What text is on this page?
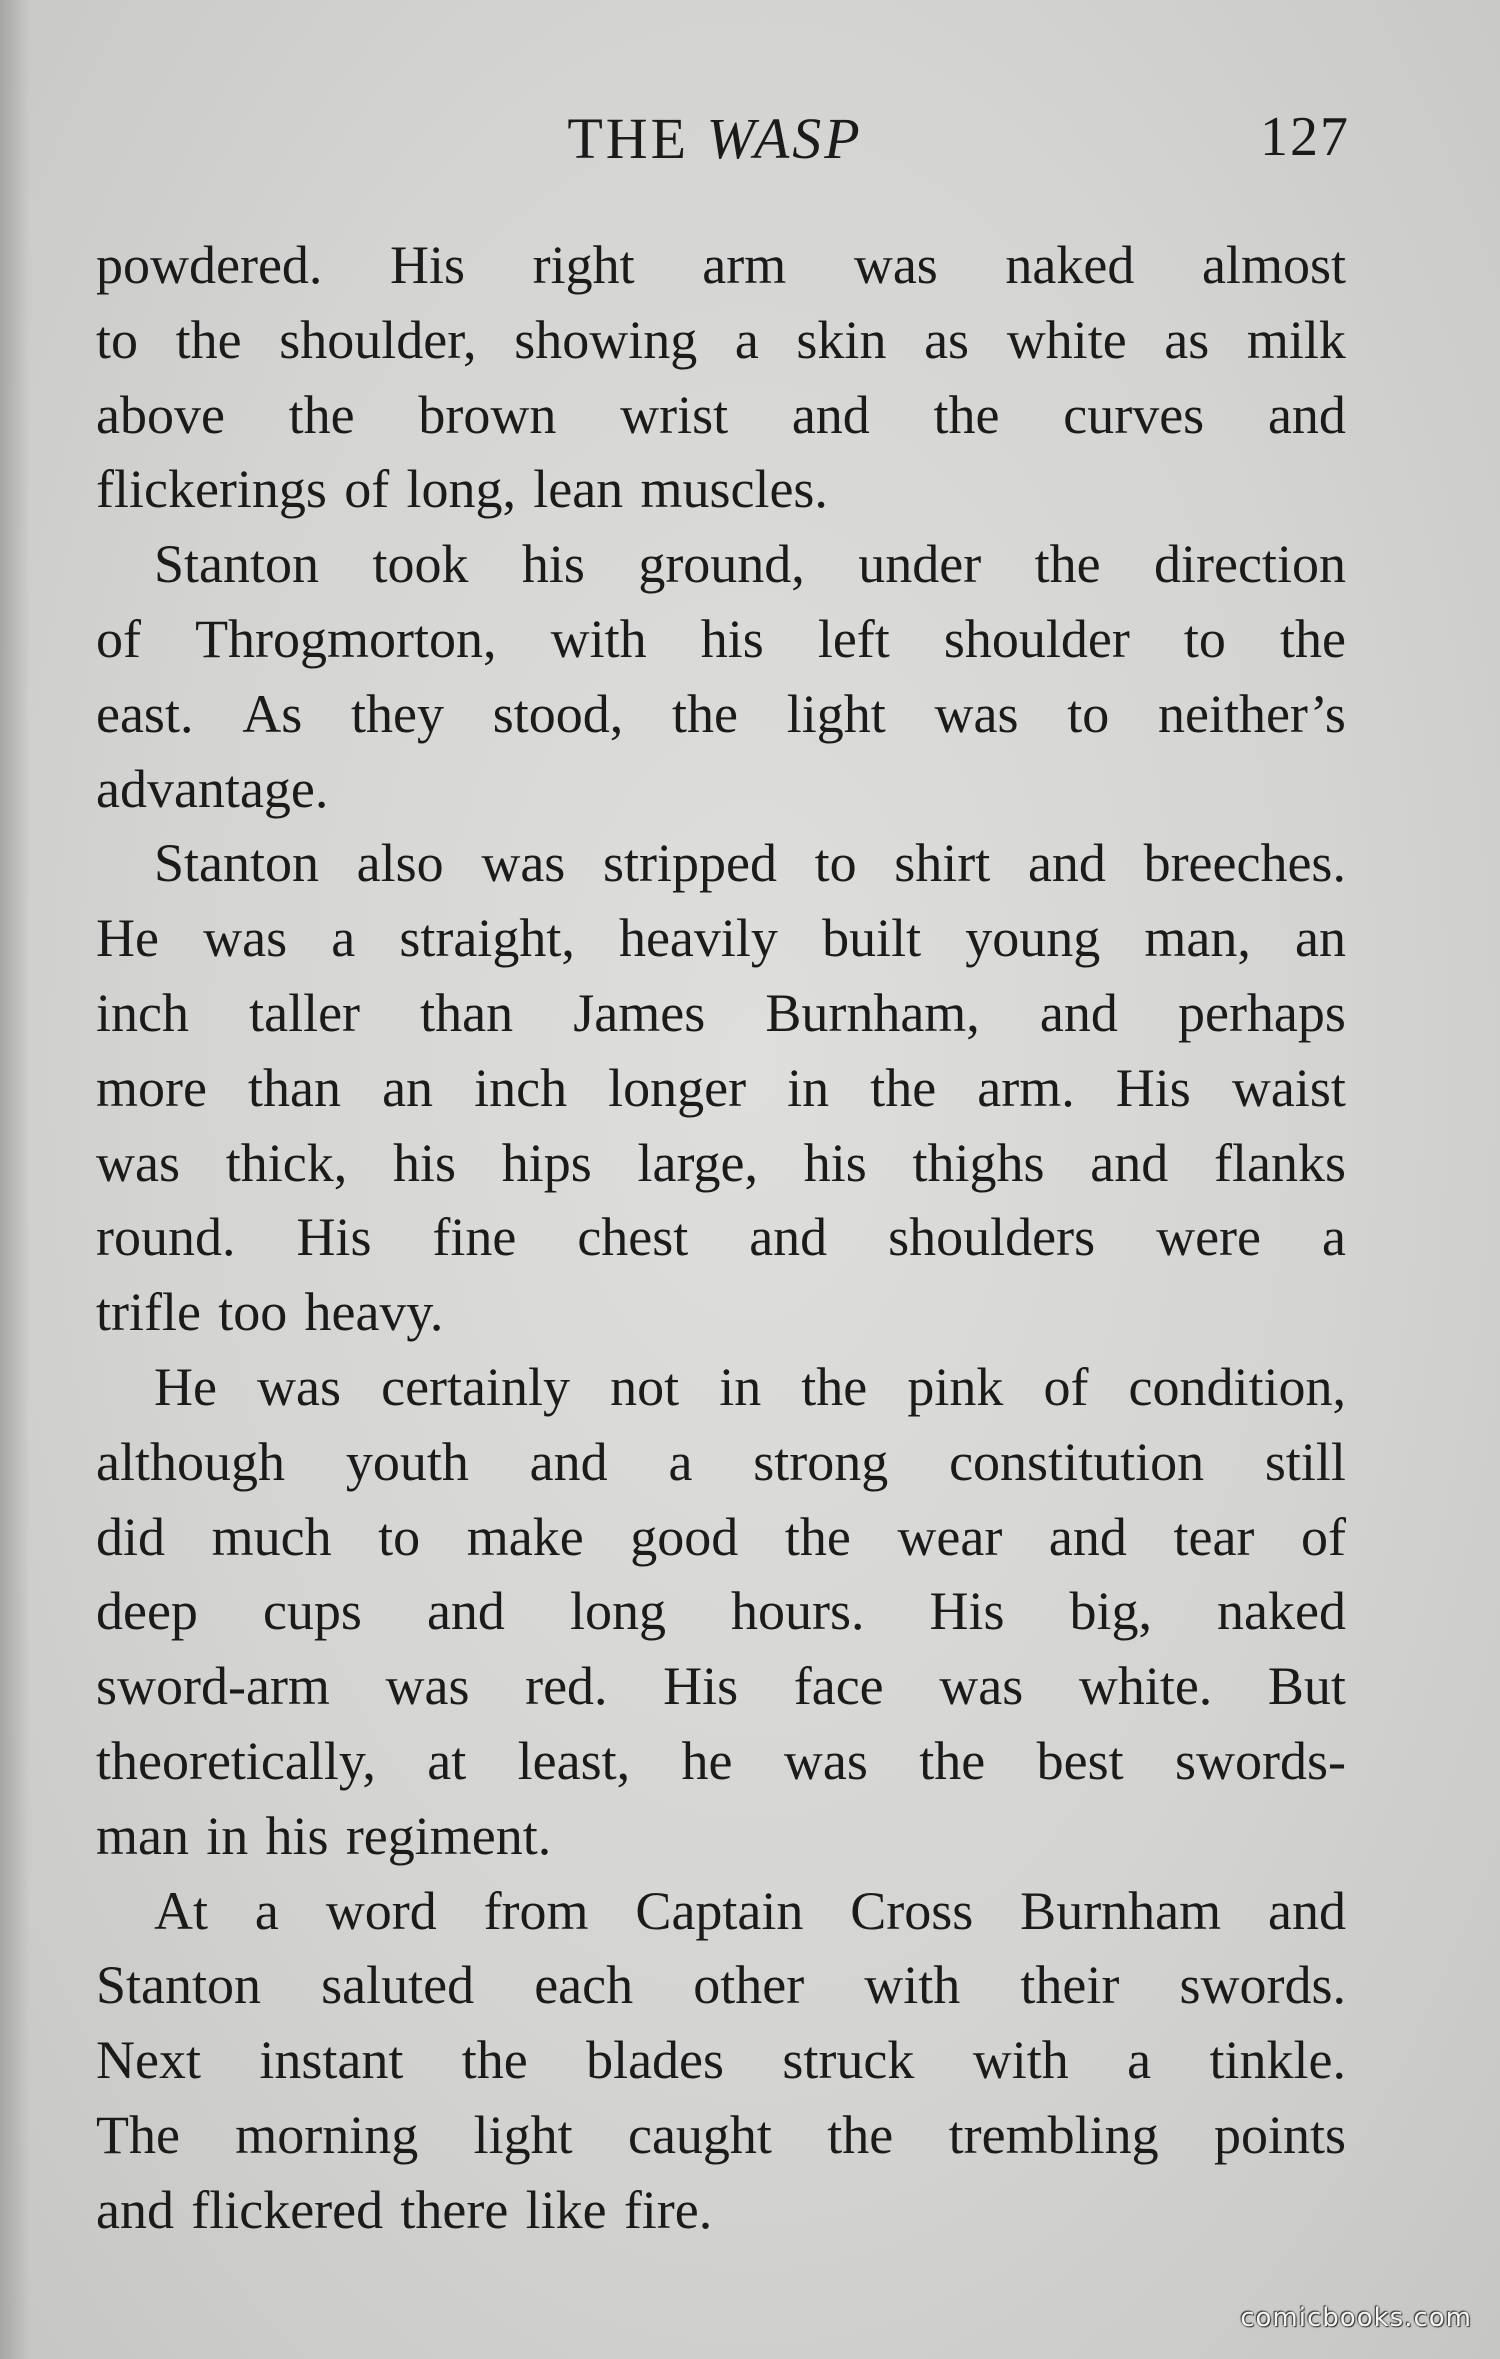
THE WASP	127
powdered. His right arm was naked almost
to the shoulder, showing a skin as white as milk
above the brown wrist and the curves and
flickerings of long, lean muscles.
Stanton took his ground, under the direction
of Throgmorton, with his left shoulder to the
east. As they stood, the light was to neither’s
advantage.
Stanton also was stripped to shirt and breeches.
He was a straight, heavily built young man, an
inch taller than James Burnham, and perhaps
more than an inch longer in the arm. His waist
was thick, his hips large, his thighs and flanks
round. His fine chest and shoulders were a
trifle too heavy.
He was certainly not in the pink of condition,
although youth and a strong constitution still
did much to make good the wear and tear of
deep cups and long hours. His big, naked
sword-arm was red. His face was white. But
theoretically, at least, he was the best swords-
man in his regiment.
At a word from Captain Cross Burnham and
Stanton saluted each other with their swords.
Next instant the blades struck with a tinkle.
The morning light caught the trembling points
and flickered there like fire.
comicbooks.com
